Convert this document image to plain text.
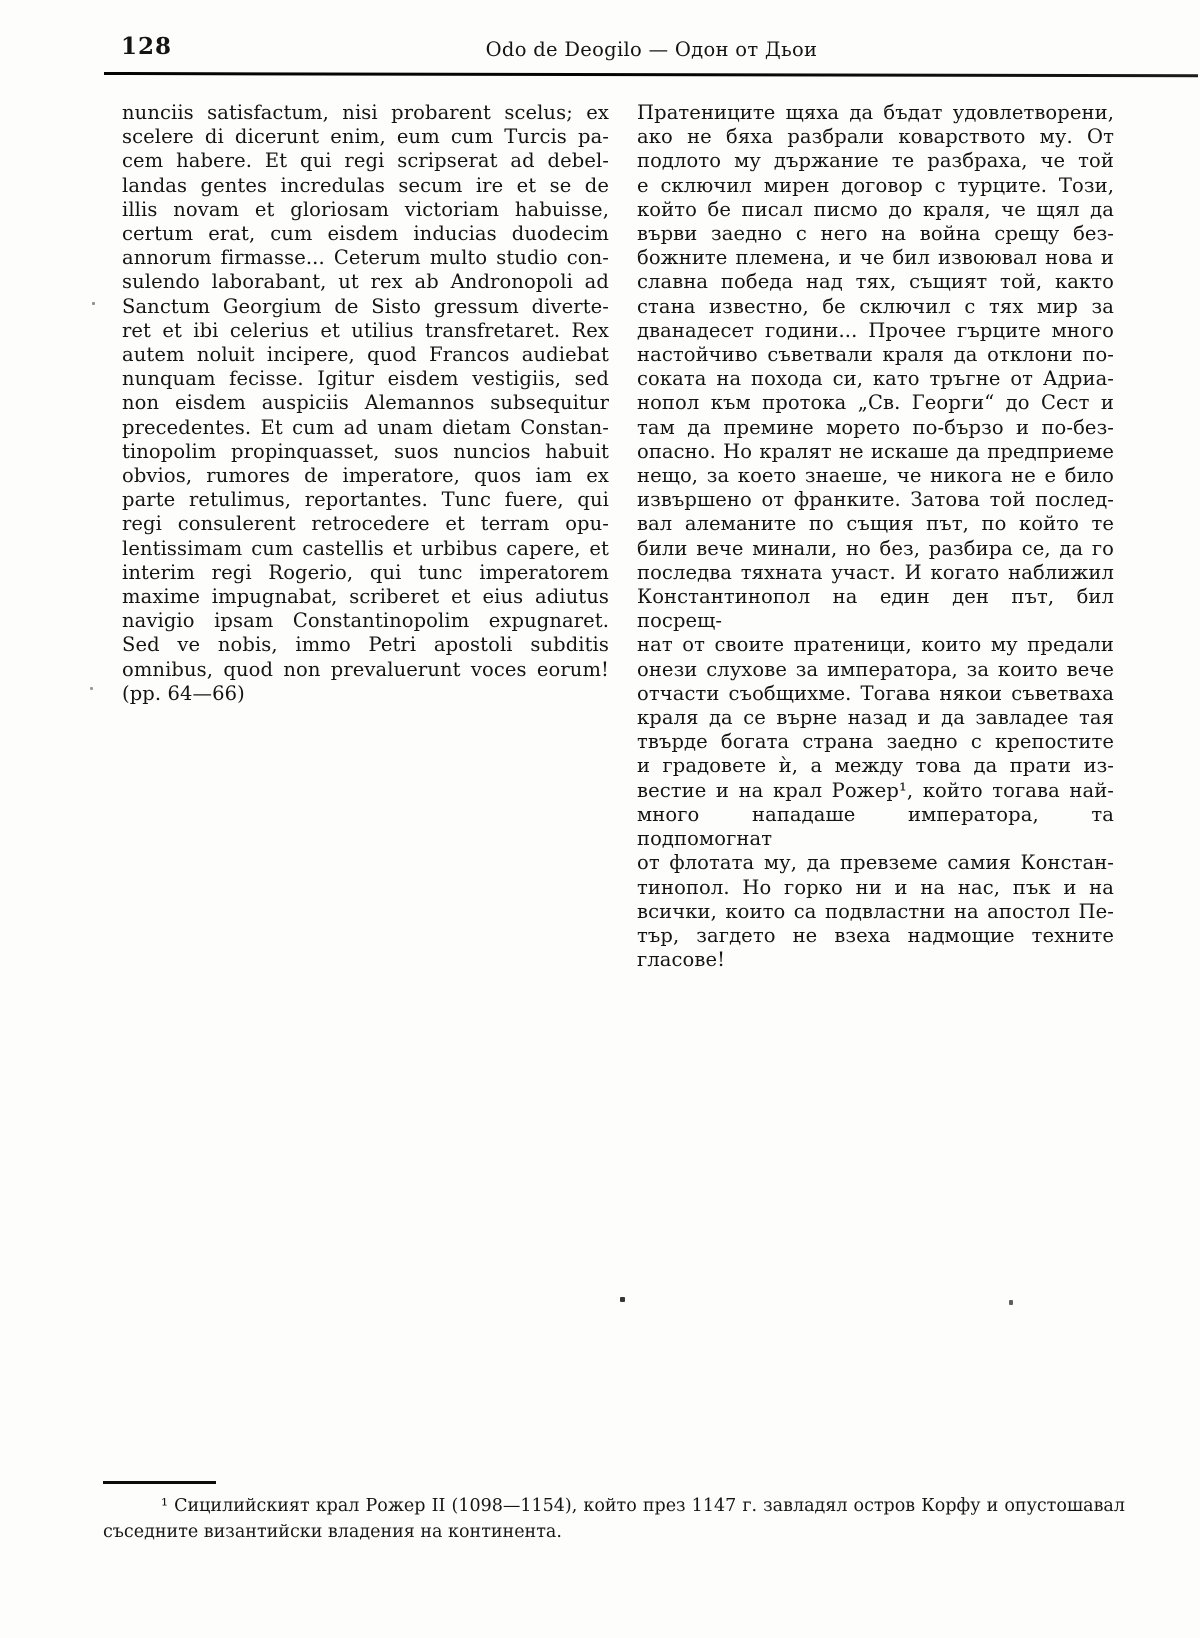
128	Odo de Deogilo — Одон от Дьои
nunciis satisfactum, nisi probarent scelus; ex
scelere di dicerunt enim, eum cum Turcis pa-
cem habere. Et qui regi scripserat ad debel-
landas gentes incredulas secum ire et se de
illis novam et gloriosam victoriam habuisse,
certum erat, cum eisdem inducias duodecim
annorum firmasse... Ceterum multo studio con-
sulendo laborabant, ut rex ab Andronopoli ad
Sanctum Georgium de Sisto gressum diverte-
ret et ibi celerius et utilius transfretaret. Rex
autem noluit incipere, quod Francos audiebat
nunquam fecisse. Igitur eisdem vestigiis, sed
non eisdem auspiciis Alemannos subsequitur
precedentes. Et cum ad unam dietam Constan-
tinopolim propinquasset, suos nuncios habuit
obvios, rumores de imperatore, quos iam ex
parte retulimus, reportantes. Tunc fuere, qui
regi consulerent retrocedere et terram opu-
lentissimam cum castellis et urbibus capere, et
interim regi Rogerio, qui tunc imperatorem
maxime impugnabat, scriberet et eius adiutus
navigio ipsam Constantinopolim expugnaret.
Sed ve nobis, immo Petri apostoli subditis
omnibus, quod non prevaluerunt voces eorum!
(pp. 64—66)
Пратениците щяха да бъдат удовлетворени,
ако не бяха разбрали коварството му. От
подлото му държание те разбраха, че той
е сключил мирен договор с турците. Този,
който бе писал писмо до краля, че щял да
върви заедно с него на война срещу без-
божните племена, и че бил извоювал нова и
славна победа над тях, същият той, както
стана известно, бе сключил с тях мир за
дванадесет години... Прочее гърците много
настойчиво съветвали краля да отклони по-
соката на похода си, като тръгне от Адриа-
нопол към протока „Св. Георги“ до Сест и
там да премине морето по-бързо и по-без-
опасно. Но кралят не искаше да предприеме
нещо, за което знаеше, че никога не е било
извършено от франките. Затова той послед-
вал алеманите по същия път, по който те
били вече минали, но без, разбира се, да го
последва тяхната участ. И когато наближил
Константинопол на един ден път, бил посрещ-
нат от своите пратеници, които му предали
онези слухове за императора, за които вече
отчасти съобщихме. Тогава някои съветваха
краля да се върне назад и да завладее тая
твърде богата страна заедно с крепостите
и градовете ѝ, а между това да прати из-
вестие и на крал Рожер¹, който тогава най-
много нападаше императора, та подпомогнат
от флотата му, да превземе самия Констан-
тинопол. Но горко ни и на нас, пък и на
всички, които са подвластни на апостол Пе-
тър, загдето не взеха надмощие техните
гласове!
¹ Сицилийският крал Рожер II (1098—1154), който през 1147 г. завладял остров Корфу и опустошавал
съседните византийски владения на континента.
